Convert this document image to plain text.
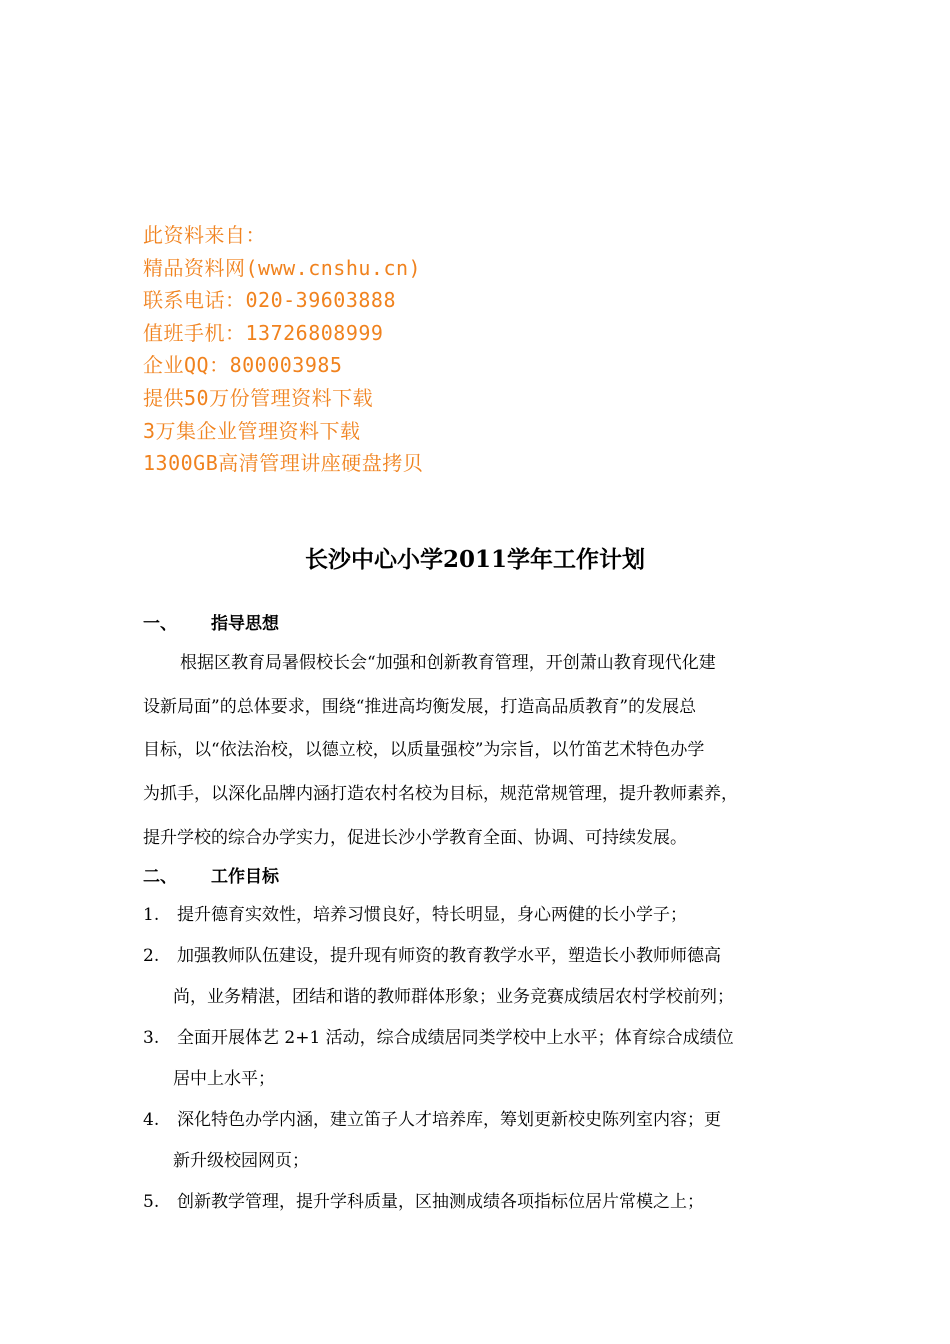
此资料来自：
精品资料网(www.cnshu.cn)
联系电话：020-39603888
值班手机：13726808999
企业QQ：800003985
提供50万份管理资料下载
3万集企业管理资料下载
1300GB高清管理讲座硬盘拷贝
长沙中心小学2011学年工作计划
一、 指导思想
根据区教育局暑假校长会“加强和创新教育管理，开创萧山教育现代化建
设新局面”的总体要求，围绕“推进高均衡发展，打造高品质教育”的发展总
目标，以“依法治校，以德立校，以质量强校”为宗旨，以竹笛艺术特色办学
为抓手，以深化品牌内涵打造农村名校为目标，规范常规管理，提升教师素养，
提升学校的综合办学实力，促进长沙小学教育全面、协调、可持续发展。
二、 工作目标
1. 提升德育实效性，培养习惯良好，特长明显，身心两健的长小学子；
2. 加强教师队伍建设，提升现有师资的教育教学水平，塑造长小教师师德高
尚，业务精湛，团结和谐的教师群体形象；业务竞赛成绩居农村学校前列；
3. 全面开展体艺 2+1 活动，综合成绩居同类学校中上水平；体育综合成绩位
居中上水平；
4. 深化特色办学内涵，建立笛子人才培养库，筹划更新校史陈列室内容；更
新升级校园网页；
5. 创新教学管理，提升学科质量，区抽测成绩各项指标位居片常模之上；
